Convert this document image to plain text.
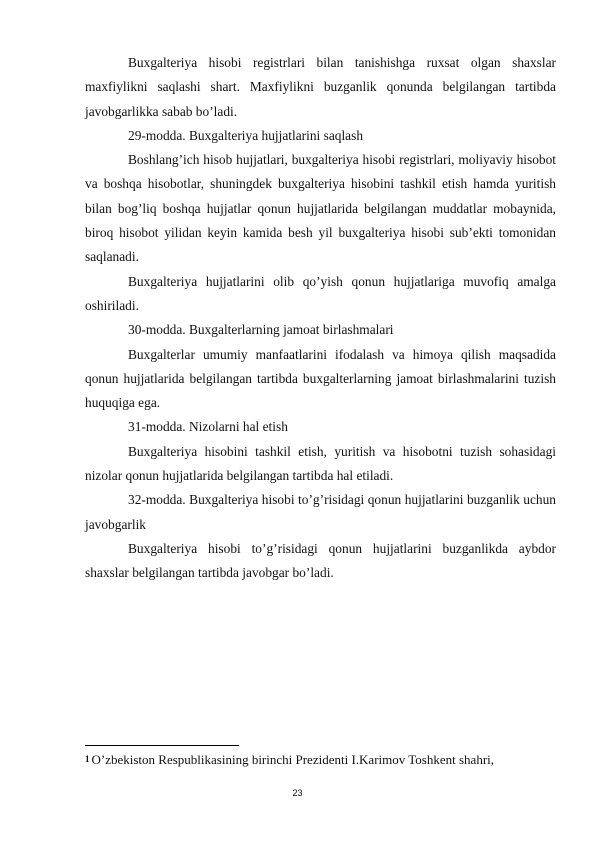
Buxgalteriya hisobi registrlari bilan tanishishga ruxsat olgan shaxslar maxfiylikni saqlashi shart. Maxfiylikni buzganlik qonunda belgilangan tartibda javobgarlikka sabab bo’ladi.

29-modda. Buxgalteriya hujjatlarini saqlash

Boshlang’ich hisob hujjatlari, buxgalteriya hisobi registrlari, moliyaviy hisobot va boshqa hisobotlar, shuningdek buxgalteriya hisobini tashkil etish hamda yuritish bilan bog’liq boshqa hujjatlar qonun hujjatlarida belgilangan muddatlar mobaynida, biroq hisobot yilidan keyin kamida besh yil buxgalteriya hisobi sub’ekti tomonidan saqlanadi.

Buxgalteriya hujjatlarini olib qo’yish qonun hujjatlariga muvofiq amalga oshiriladi.

30-modda. Buxgalterlarning jamoat birlashmalari

Buxgalterlar umumiy manfaatlarini ifodalash va himoya qilish maqsadida qonun hujjatlarida belgilangan tartibda buxgalterlarning jamoat birlashmalarini tuzish huquqiga ega.

31-modda. Nizolarni hal etish

Buxgalteriya hisobini tashkil etish, yuritish va hisobotni tuzish sohasidagi nizolar qonun hujjatlarida belgilangan tartibda hal etiladi.

32-modda. Buxgalteriya hisobi to’g’risidagi qonun hujjatlarini buzganlik uchun javobgarlik

Buxgalteriya hisobi to’g’risidagi qonun hujjatlarini buzganlikda aybdor shaxslar belgilangan tartibda javobgar bo’ladi.

$^1$ O’zbekiston Respublikasining birinchi Prezidenti I.Karimov Toshkent shahri,

23
